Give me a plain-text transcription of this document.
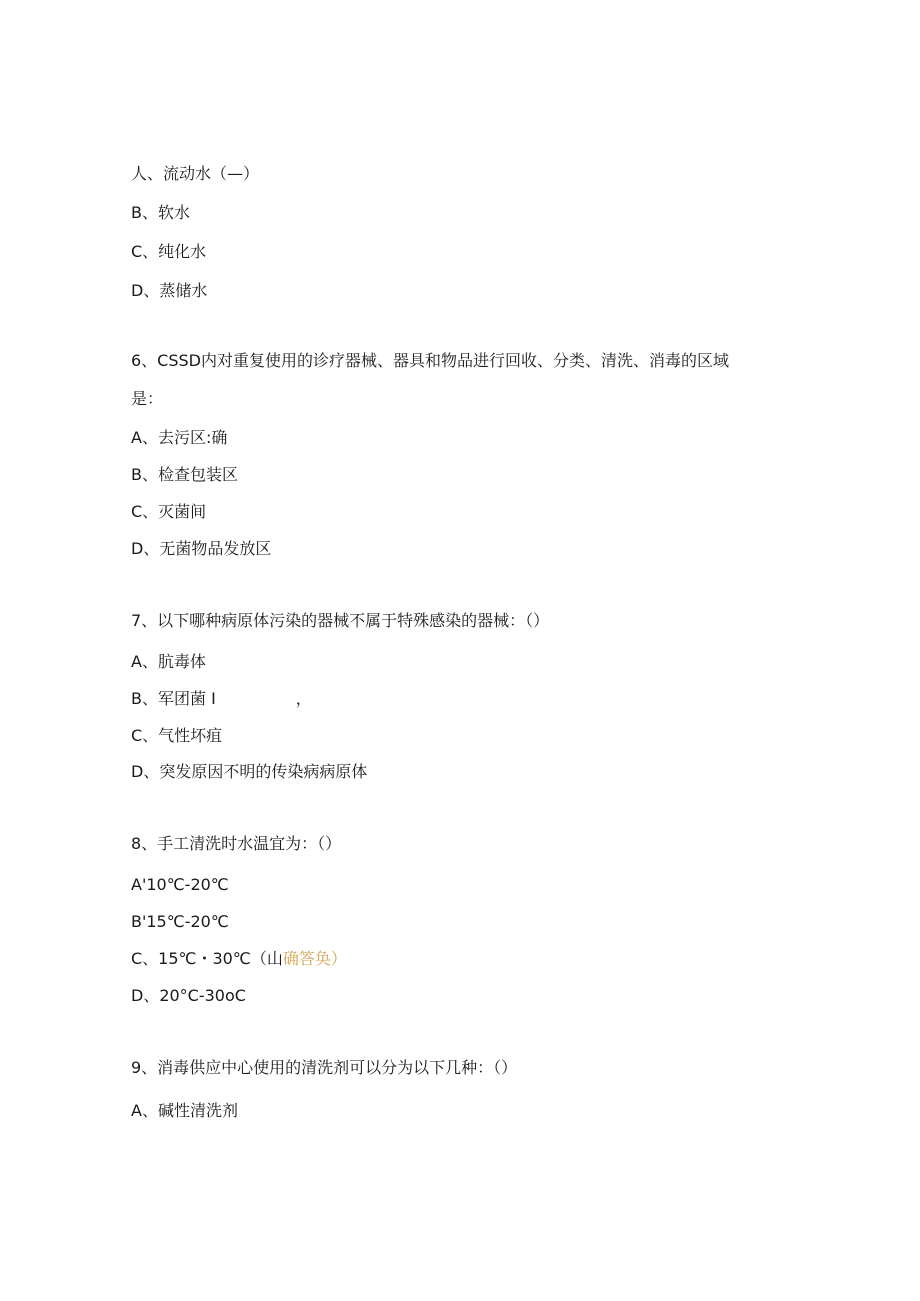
人、流动水（—）
B、软水
C、纯化水
D、蒸储水
6、CSSD内对重复使用的诊疗器械、器具和物品进行回收、分类、清洗、消毒的区域
是：
A、去污区:确
B、检查包装区
C、灭菌间
D、无菌物品发放区
7、以下哪种病原体污染的器械不属于特殊感染的器械：（）
A、肮毒体
B、军团菌 I	，
C、气性坏疽
D、突发原因不明的传染病病原体
8、手工清洗时水温宜为：（）
A'10℃-20℃
B'15℃-20℃
C、15℃・30℃（山确答奂）
D、20°C-30oC
9、消毒供应中心使用的清洗剂可以分为以下几种：（）
A、碱性清洗剂
